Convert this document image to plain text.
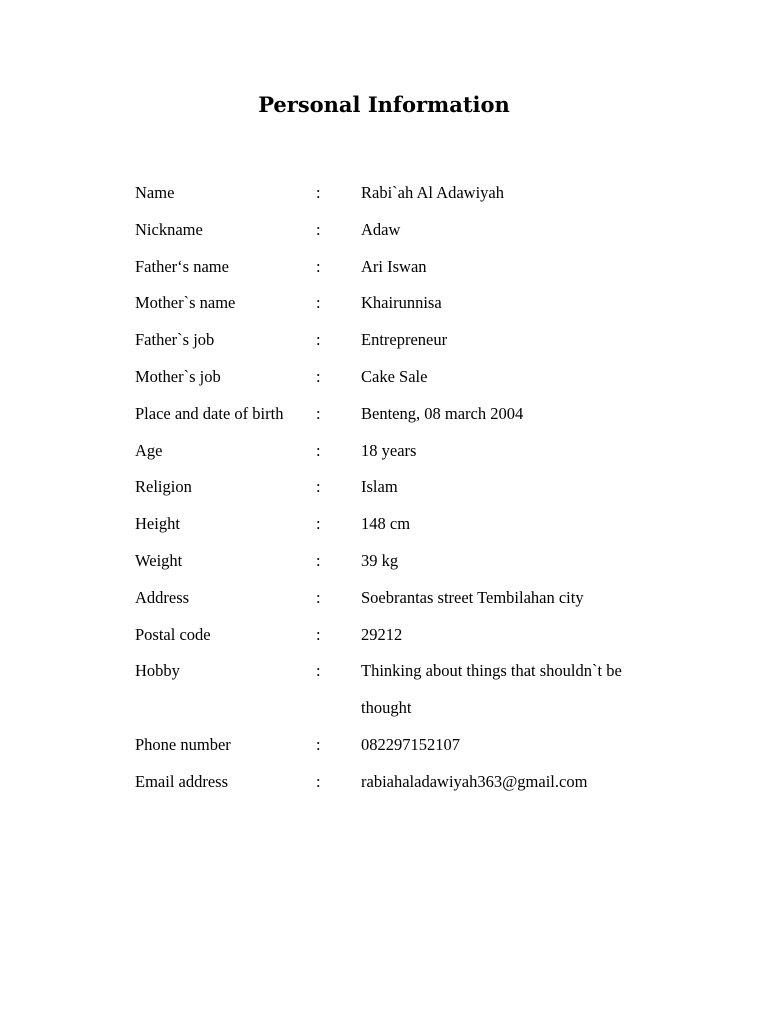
Personal Information
Name	:	Rabi`ah Al Adawiyah
Nickname	:	Adaw
Father‘s name	:	Ari Iswan
Mother`s name	:	Khairunnisa
Father`s job	:	Entrepreneur
Mother`s job	:	Cake Sale
Place and date of birth	:	Benteng, 08 march 2004
Age	:	18 years
Religion	:	Islam
Height	:	148 cm
Weight	:	39 kg
Address	:	Soebrantas street Tembilahan city
Postal code	:	29212
Hobby	:	Thinking about things that shouldn`t be thought
Phone number	:	082297152107
Email address	:	rabiahaladawiyah363@gmail.com
